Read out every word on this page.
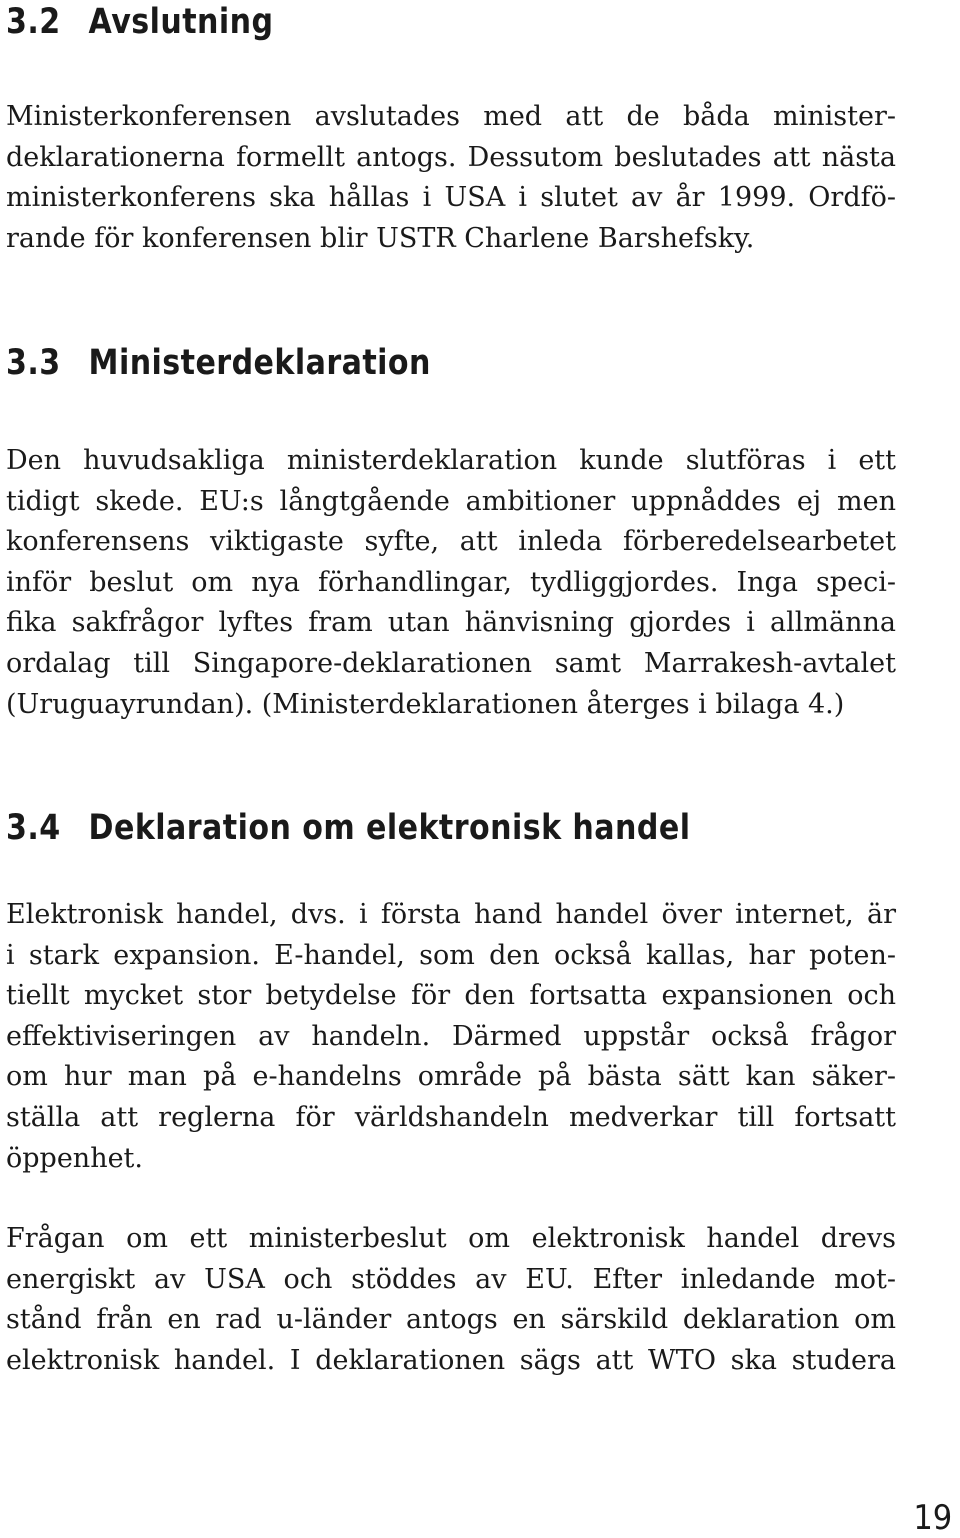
3.2 Avslutning

Ministerkonferensen avslutades med att de båda minister-
deklarationerna formellt antogs. Dessutom beslutades att nästa
ministerkonferens ska hållas i USA i slutet av år 1999. Ordfö-
rande för konferensen blir USTR Charlene Barshefsky.

3.3 Ministerdeklaration

Den huvudsakliga ministerdeklaration kunde slutföras i ett
tidigt skede. EU:s långtgående ambitioner uppnåddes ej men
konferensens viktigaste syfte, att inleda förberedelsearbetet
inför beslut om nya förhandlingar, tydliggjordes. Inga speci-
fika sakfrågor lyftes fram utan hänvisning gjordes i allmänna
ordalag till Singapore-deklarationen samt Marrakesh-avtalet
(Uruguayrundan). (Ministerdeklarationen återges i bilaga 4.)

3.4 Deklaration om elektronisk handel

Elektronisk handel, dvs. i första hand handel över internet, är
i stark expansion. E-handel, som den också kallas, har poten-
tiellt mycket stor betydelse för den fortsatta expansionen och
effektiviseringen av handeln. Därmed uppstår också frågor
om hur man på e-handelns område på bästa sätt kan säker-
ställa att reglerna för världshandeln medverkar till fortsatt
öppenhet.

Frågan om ett ministerbeslut om elektronisk handel drevs
energiskt av USA och stöddes av EU. Efter inledande mot-
stånd från en rad u-länder antogs en särskild deklaration om
elektronisk handel. I deklarationen sägs att WTO ska studera

19
